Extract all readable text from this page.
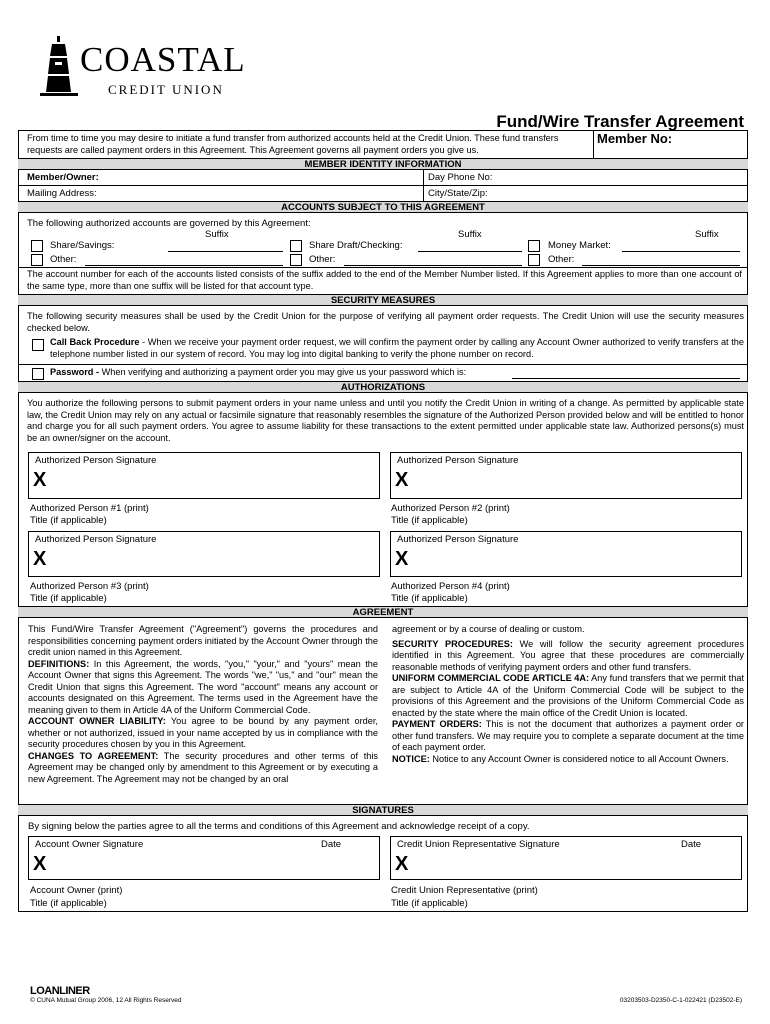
COASTAL
CREDIT UNION
Fund/Wire Transfer Agreement
From time to time you may desire to initiate a fund transfer from authorized accounts held at the Credit Union. These fund transfers requests are called payment orders in this Agreement. This Agreement governs all payment orders you give us.
Member No:
MEMBER IDENTITY INFORMATION
Member/Owner:	Day Phone No:
Mailing Address:	City/State/Zip:
ACCOUNTS SUBJECT TO THIS AGREEMENT
The following authorized accounts are governed by this Agreement:
Suffix	Suffix	Suffix
Share/Savings:	Share Draft/Checking:	Money Market:
Other:	Other:	Other:
The account number for each of the accounts listed consists of the suffix added to the end of the Member Number listed. If this Agreement applies to more than one account of the same type, more than one suffix will be listed for that account type.
SECURITY MEASURES
The following security measures shall be used by the Credit Union for the purpose of verifying all payment order requests. The Credit Union will use the security measures checked below.
Call Back Procedure - When we receive your payment order request, we will confirm the payment order by calling any Account Owner authorized to verify transfers at the telephone number listed in our system of record. You may log into digital banking to verify the phone number on record.
Password - When verifying and authorizing a payment order you may give us your password which is:
AUTHORIZATIONS
You authorize the following persons to submit payment orders in your name unless and until you notify the Credit Union in writing of a change. As permitted by applicable state law, the Credit Union may rely on any actual or facsimile signature that reasonably resembles the signature of the Authorized Person provided below and will be entitled to honor and charge you for all such payment orders. You agree to assume liability for these transactions to the extent permitted under applicable state law. Authorized persons(s) must be an owner/signer on the account.
Authorized Person Signature
X
Authorized Person Signature
X
Authorized Person #1 (print)
Title (if applicable)
Authorized Person #2 (print)
Title (if applicable)
Authorized Person Signature
X
Authorized Person Signature
X
Authorized Person #3 (print)
Title (if applicable)
Authorized Person #4 (print)
Title (if applicable)
AGREEMENT
This Fund/Wire Transfer Agreement ("Agreement") governs the procedures and responsibilities concerning payment orders initiated by the Account Owner through the credit union named in this Agreement.
DEFINITIONS: In this Agreement, the words, "you," "your," and "yours" mean the Account Owner that signs this Agreement. The words "we," "us," and "our" mean the Credit Union that signs this Agreement. The word "account" means any account or accounts designated on this Agreement. The terms used in the Agreement have the meaning given to them in Article 4A of the Uniform Commercial Code.
ACCOUNT OWNER LIABILITY: You agree to be bound by any payment order, whether or not authorized, issued in your name accepted by us in compliance with the security procedures chosen by you in this Agreement.
CHANGES TO AGREEMENT: The security procedures and other terms of this Agreement may be changed only by amendment to this Agreement or by executing a new Agreement. The Agreement may not be changed by an oral
agreement or by a course of dealing or custom.
SECURITY PROCEDURES: We will follow the security agreement procedures identified in this Agreement. You agree that these procedures are commercially reasonable methods of verifying payment orders and other fund transfers.
UNIFORM COMMERCIAL CODE ARTICLE 4A: Any fund transfers that we permit that are subject to Article 4A of the Uniform Commercial Code will be subject to the provisions of this Agreement and the provisions of the Uniform Commercial Code as enacted by the state where the main office of the Credit Union is located.
PAYMENT ORDERS: This is not the document that authorizes a payment order or other fund transfers. We may require you to complete a separate document at the time of each payment order.
NOTICE: Notice to any Account Owner is considered notice to all Account Owners.
SIGNATURES
By signing below the parties agree to all the terms and conditions of this Agreement and acknowledge receipt of a copy.
Account Owner Signature	Date
X
Credit Union Representative Signature	Date
X
Account Owner (print)
Title (if applicable)
Credit Union Representative (print)
Title (if applicable)
LOANLINER
© CUNA Mutual Group 2006, 12 All Rights Reserved	03203503-D2350-C-1-022421 (D23502-E)
